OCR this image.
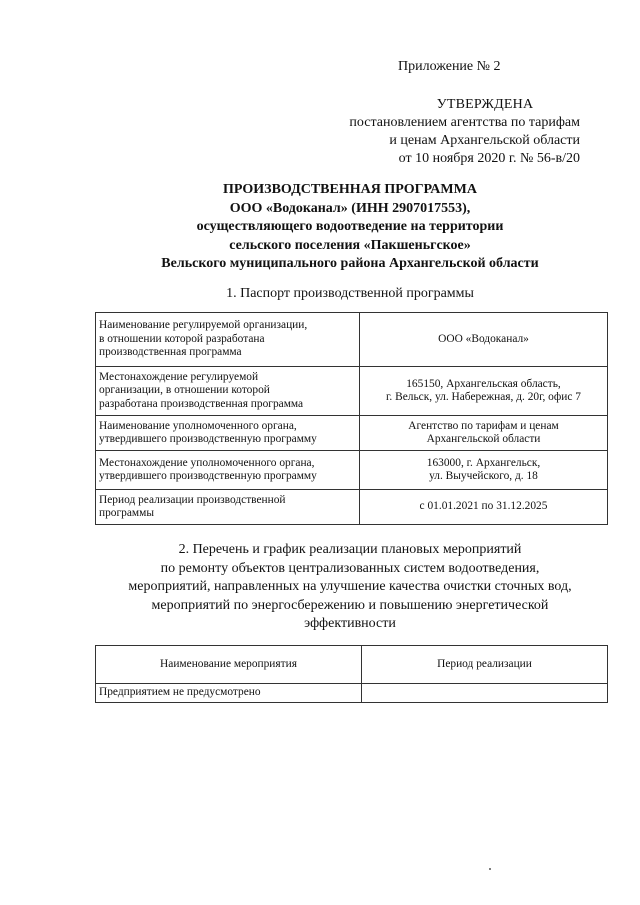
Приложение № 2
УТВЕРЖДЕНА
постановлением агентства по тарифам
и ценам Архангельской области
от 10 ноября 2020 г. № 56-в/20
ПРОИЗВОДСТВЕННАЯ ПРОГРАММА
ООО «Водоканал» (ИНН 2907017553),
осуществляющего водоотведение на территории
сельского поселения «Пакшеньгское»
Вельского муниципального района Архангельской области
1. Паспорт производственной программы
Наименование регулируемой организации,
в отношении которой разработана
производственная программа	ООО «Водоканал»

Местонахождение регулируемой
организации, в отношении которой
разработана производственная программа	165150, Архангельская область,
г. Вельск, ул. Набережная, д. 20г, офис 7

Наименование уполномоченного органа,
утвердившего производственную программу	Агентство по тарифам и ценам
Архангельской области

Местонахождение уполномоченного органа,
утвердившего производственную программу	163000, г. Архангельск,
ул. Выучейского, д. 18

Период реализации производственной
программы	с 01.01.2021 по 31.12.2025
2. Перечень и график реализации плановых мероприятий
по ремонту объектов централизованных систем водоотведения,
мероприятий, направленных на улучшение качества очистки сточных вод,
мероприятий по энергосбережению и повышению энергетической
эффективности
Наименование мероприятия	Период реализации
Предприятием не предусмотрено	
